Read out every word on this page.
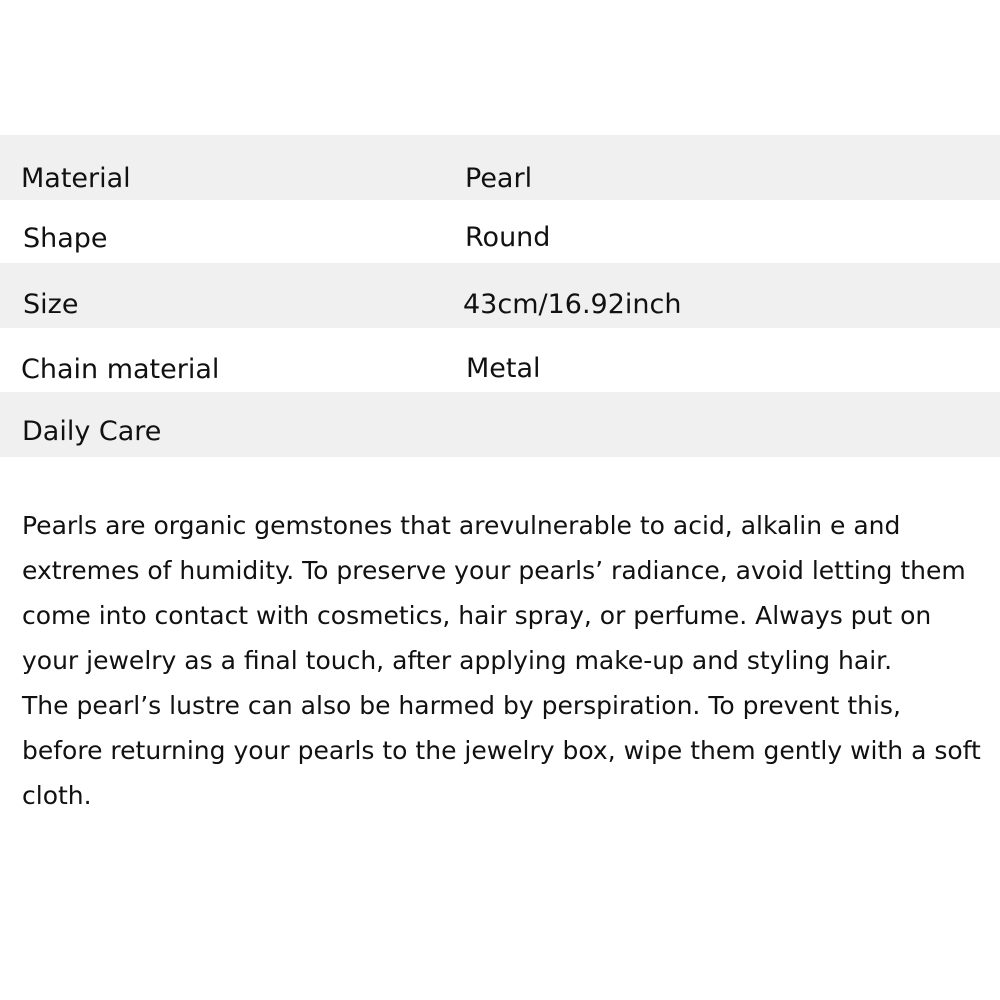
Material	Pearl
Shape	Round
Size	43cm/16.92inch
Chain material	Metal
Daily Care

Pearls are organic gemstones that arevulnerable to acid, alkalin e and extremes of humidity. To preserve your pearls’ radiance, avoid letting them come into contact with cosmetics, hair spray, or perfume. Always put on your jewelry as a final touch, after applying make-up and styling hair.

The pearl’s lustre can also be harmed by perspiration. To prevent this, before returning your pearls to the jewelry box, wipe them gently with a soft cloth.
